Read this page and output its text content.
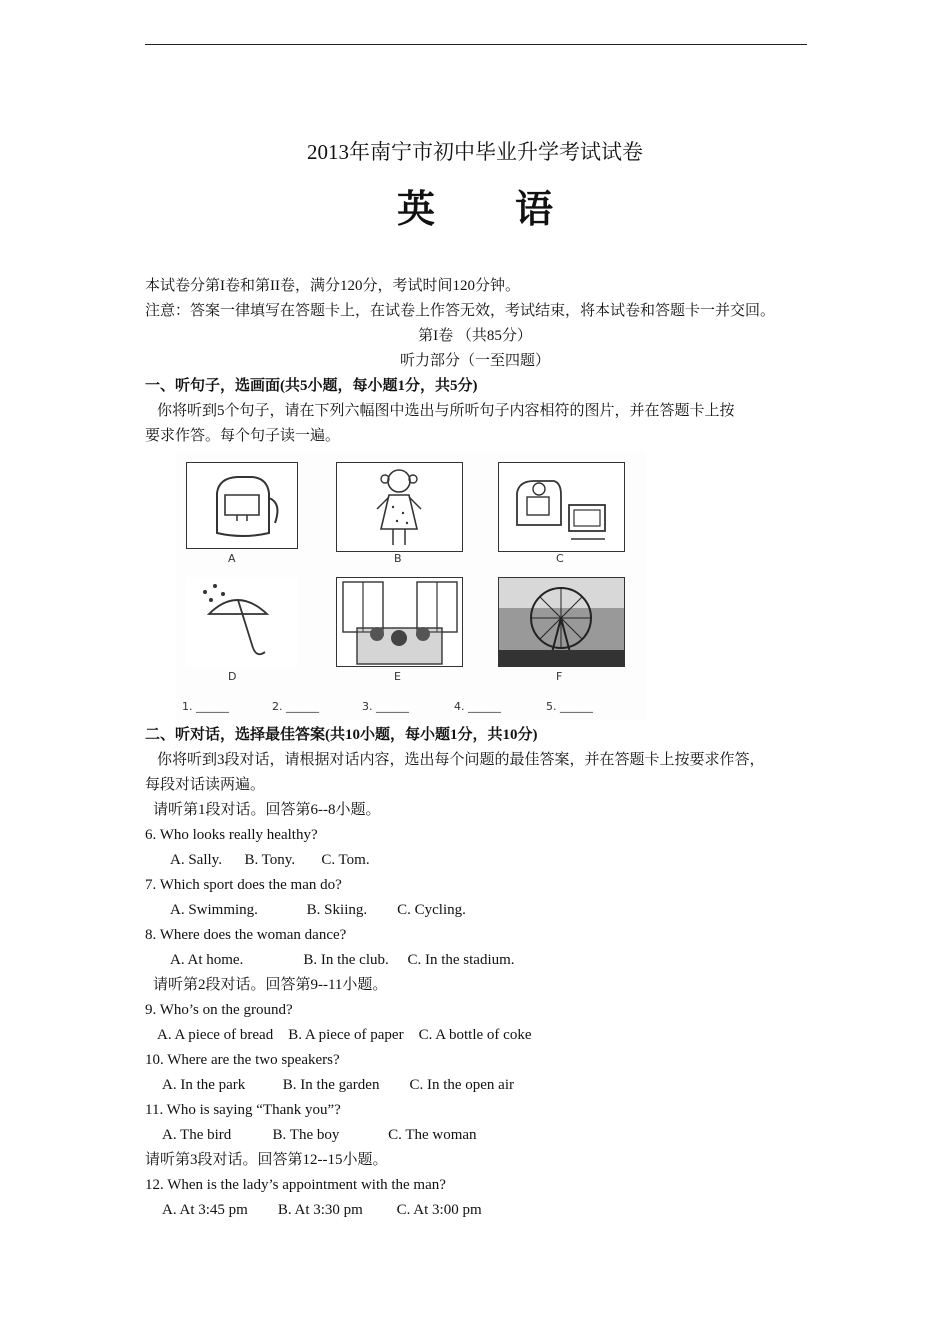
2013年南宁市初中毕业升学考试试卷
英 语
本试卷分第I卷和第II卷，满分120分，考试时间120分钟。
注意：答案一律填写在答题卡上，在试卷上作答无效，考试结束，将本试卷和答题卡一并交回。
第I卷 （共85分）
听力部分（一至四题）
一、听句子，选画面(共5小题，每小题1分，共5分)
你将听到5个句子，请在下列六幅图中选出与所听句子内容相符的图片，并在答题卡上按
要求作答。每个句子读一遍。
A	B	C
D	E	F
1. ______	2. ______	3. ______	4. ______	5. ______
二、听对话，选择最佳答案(共10小题，每小题1分，共10分)
你将听到3段对话，请根据对话内容，选出每个问题的最佳答案，并在答题卡上按要求作答，
每段对话读两遍。
请听第1段对话。回答第6--8小题。
6. Who looks really healthy?
A. Sally.      B. Tony.       C. Tom.
7. Which sport does the man do?
A. Swimming.             B. Skiing.        C. Cycling.
8. Where does the woman dance?
A. At home.                B. In the club.     C. In the stadium.
请听第2段对话。回答第9--11小题。
9. Who’s on the ground?
A. A piece of bread    B. A piece of paper    C. A bottle of coke
10. Where are the two speakers?
A. In the park          B. In the garden        C. In the open air
11. Who is saying “Thank you”?
A. The bird           B. The boy             C. The woman
请听第3段对话。回答第12--15小题。
12. When is the lady’s appointment with the man?
A. At 3:45 pm        B. At 3:30 pm         C. At 3:00 pm
